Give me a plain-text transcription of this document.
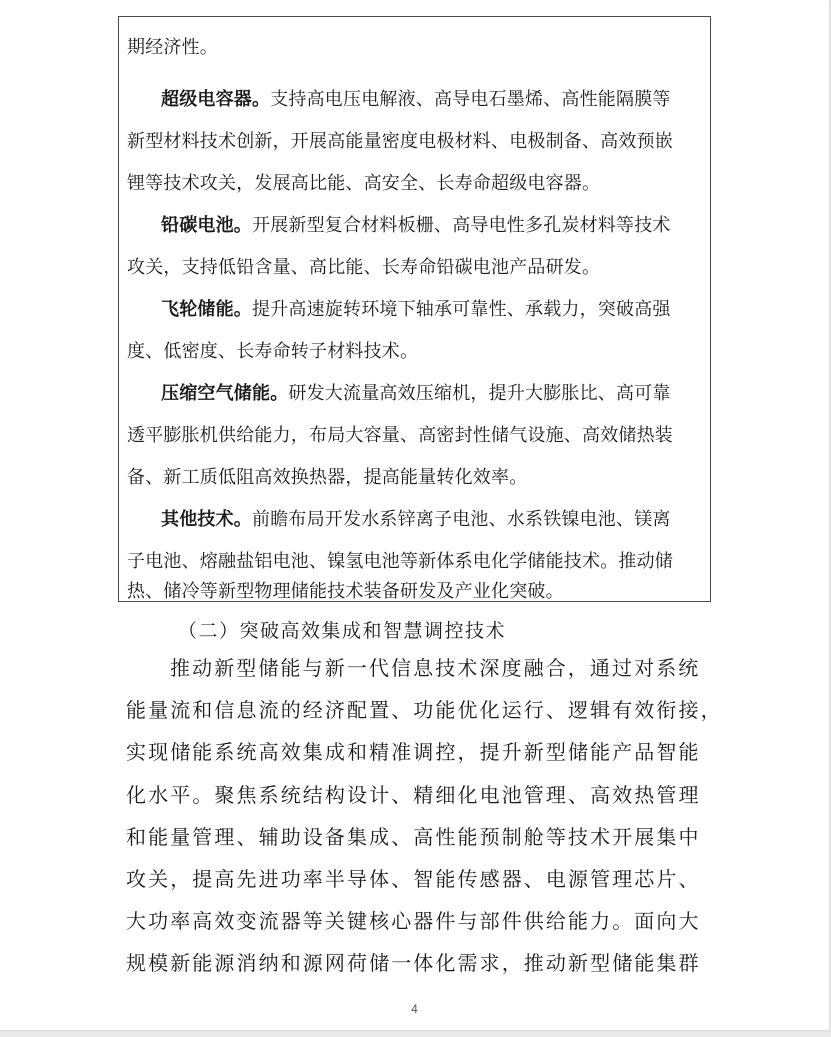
期经济性。
超级电容器。支持高电压电解液、高导电石墨烯、高性能隔膜等
新型材料技术创新，开展高能量密度电极材料、电极制备、高效预嵌
锂等技术攻关，发展高比能、高安全、长寿命超级电容器。
铅碳电池。开展新型复合材料板栅、高导电性多孔炭材料等技术
攻关，支持低铅含量、高比能、长寿命铅碳电池产品研发。
飞轮储能。提升高速旋转环境下轴承可靠性、承载力，突破高强
度、低密度、长寿命转子材料技术。
压缩空气储能。研发大流量高效压缩机，提升大膨胀比、高可靠
透平膨胀机供给能力，布局大容量、高密封性储气设施、高效储热装
备、新工质低阻高效换热器，提高能量转化效率。
其他技术。前瞻布局开发水系锌离子电池、水系铁镍电池、镁离
子电池、熔融盐铝电池、镍氢电池等新体系电化学储能技术。推动储
热、储冷等新型物理储能技术装备研发及产业化突破。
（二）突破高效集成和智慧调控技术
推动新型储能与新一代信息技术深度融合，通过对系统
能量流和信息流的经济配置、功能优化运行、逻辑有效衔接，
实现储能系统高效集成和精准调控，提升新型储能产品智能
化水平。聚焦系统结构设计、精细化电池管理、高效热管理
和能量管理、辅助设备集成、高性能预制舱等技术开展集中
攻关，提高先进功率半导体、智能传感器、电源管理芯片、
大功率高效变流器等关键核心器件与部件供给能力。面向大
规模新能源消纳和源网荷储一体化需求，推动新型储能集群
4
